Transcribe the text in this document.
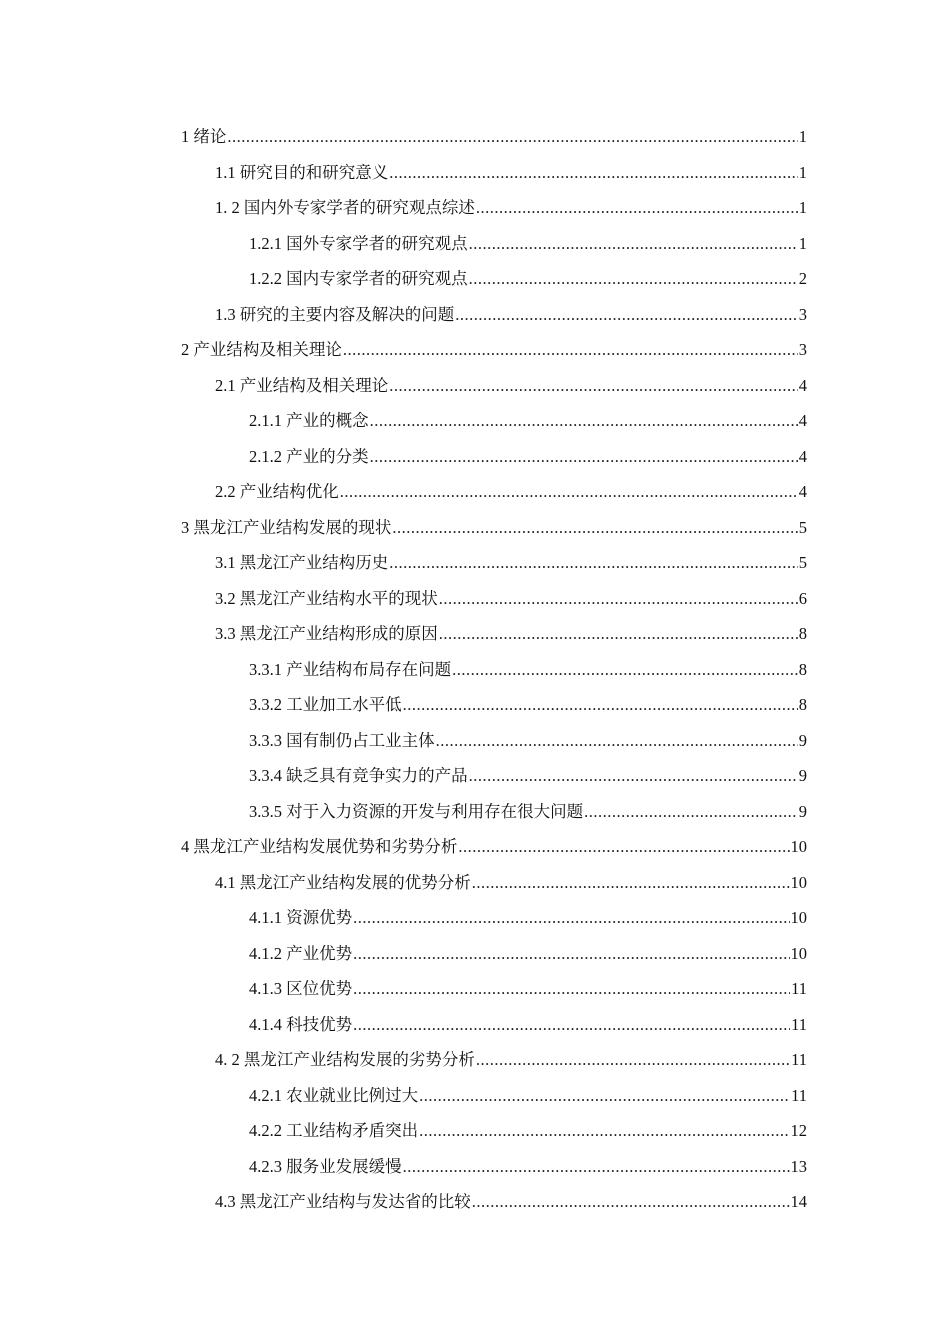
1 绪论 .....	1
1.1 研究目的和研究意义 .....	1
1. 2 国内外专家学者的研究观点综述 .....	1
1.2.1 国外专家学者的研究观点 .....	1
1.2.2 国内专家学者的研究观点 .....	2
1.3 研究的主要内容及解决的问题 .....	3
2 产业结构及相关理论 .....	3
2.1 产业结构及相关理论 .....	4
2.1.1 产业的概念 .....	4
2.1.2 产业的分类 .....	4
2.2 产业结构优化 .....	4
3 黑龙江产业结构发展的现状 .....	5
3.1 黑龙江产业结构历史 .....	5
3.2 黑龙江产业结构水平的现状 .....	6
3.3 黑龙江产业结构形成的原因 .....	8
3.3.1 产业结构布局存在问题 .....	8
3.3.2 工业加工水平低 .....	8
3.3.3 国有制仍占工业主体 .....	9
3.3.4 缺乏具有竞争实力的产品 .....	9
3.3.5 对于入力资源的开发与利用存在很大问题 .....	9
4 黑龙江产业结构发展优势和劣势分析 .....	10
4.1 黑龙江产业结构发展的优势分析 .....	10
4.1.1 资源优势 .....	10
4.1.2 产业优势 .....	10
4.1.3 区位优势 .....	11
4.1.4 科技优势 .....	11
4. 2 黑龙江产业结构发展的劣势分析 .....	11
4.2.1 农业就业比例过大 .....	11
4.2.2 工业结构矛盾突出 .....	12
4.2.3 服务业发展缓慢 .....	13
4.3 黑龙江产业结构与发达省的比较 .....	14
